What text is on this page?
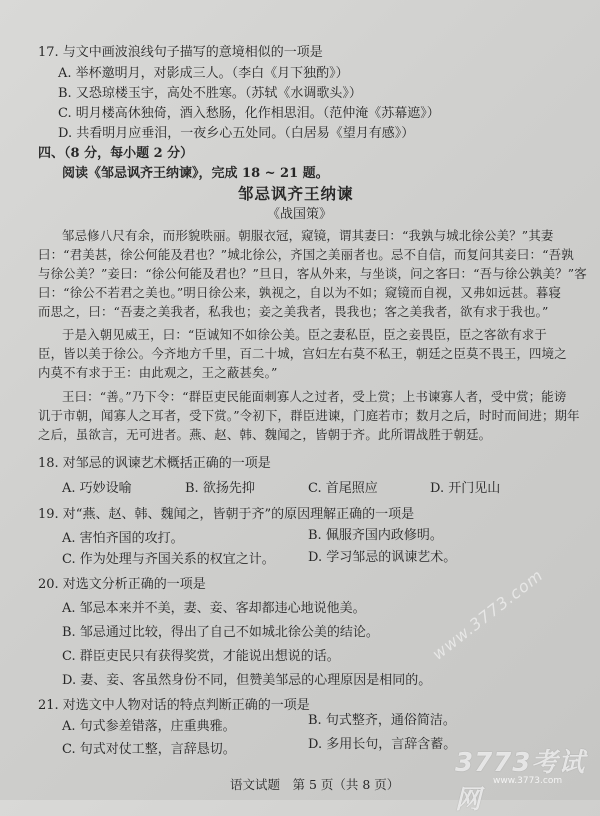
17. 与文中画波浪线句子描写的意境相似的一项是
A. 举杯邀明月，对影成三人。（李白《月下独酌》）
B. 又恐琼楼玉宇，高处不胜寒。（苏轼《水调歌头》）
C. 明月楼高休独倚，酒入愁肠，化作相思泪。（范仲淹《苏幕遮》）
D. 共看明月应垂泪，一夜乡心五处同。（白居易《望月有感》）
四、（8 分，每小题 2 分）
阅读《邹忌讽齐王纳谏》，完成 18 ~ 21 题。
邹忌讽齐王纳谏
《战国策》
邹忌修八尺有余，而形貌昳丽。朝服衣冠，窥镜，谓其妻曰：“我孰与城北徐公美？”其妻
曰：“君美甚，徐公何能及君也？”城北徐公，齐国之美丽者也。忌不自信，而复问其妾曰：“吾孰
与徐公美？”妾曰：“徐公何能及君也？”旦日，客从外来，与坐谈，问之客曰：“吾与徐公孰美？”客
曰：“徐公不若君之美也。”明日徐公来，孰视之，自以为不如；窥镜而自视，又弗如远甚。暮寝
而思之，曰：“吾妻之美我者，私我也；妾之美我者，畏我也；客之美我者，欲有求于我也。”
于是入朝见威王，曰：“臣诚知不如徐公美。臣之妻私臣，臣之妾畏臣，臣之客欲有求于
臣，皆以美于徐公。今齐地方千里，百二十城，宫妇左右莫不私王，朝廷之臣莫不畏王，四境之
内莫不有求于王：由此观之，王之蔽甚矣。”
王曰：“善。”乃下令：“群臣吏民能面刺寡人之过者，受上赏；上书谏寡人者，受中赏；能谤
讥于市朝，闻寡人之耳者，受下赏。”令初下，群臣进谏，门庭若市；数月之后，时时而间进；期年
之后，虽欲言，无可进者。燕、赵、韩、魏闻之，皆朝于齐。此所谓战胜于朝廷。
18. 对邹忌的讽谏艺术概括正确的一项是
A. 巧妙设喻	B. 欲扬先抑	C. 首尾照应	D. 开门见山
19. 对“燕、赵、韩、魏闻之，皆朝于齐”的原因理解正确的一项是
A. 害怕齐国的攻打。	B. 佩服齐国内政修明。
C. 作为处理与齐国关系的权宜之计。	D. 学习邹忌的讽谏艺术。
20. 对选文分析正确的一项是
A. 邹忌本来并不美，妻、妾、客却都违心地说他美。
B. 邹忌通过比较，得出了自己不如城北徐公美的结论。
C. 群臣吏民只有获得奖赏，才能说出想说的话。
D. 妻、妾、客虽然身份不同，但赞美邹忌的心理原因是相同的。
21. 对选文中人物对话的特点判断正确的一项是
A. 句式参差错落，庄重典雅。	B. 句式整齐，通俗简洁。
C. 句式对仗工整，言辞恳切。	D. 多用长句，言辞含蓄。
语文试题　第 5 页（共 8 页）
www.3773.com
3773考试网
www.3773.com
